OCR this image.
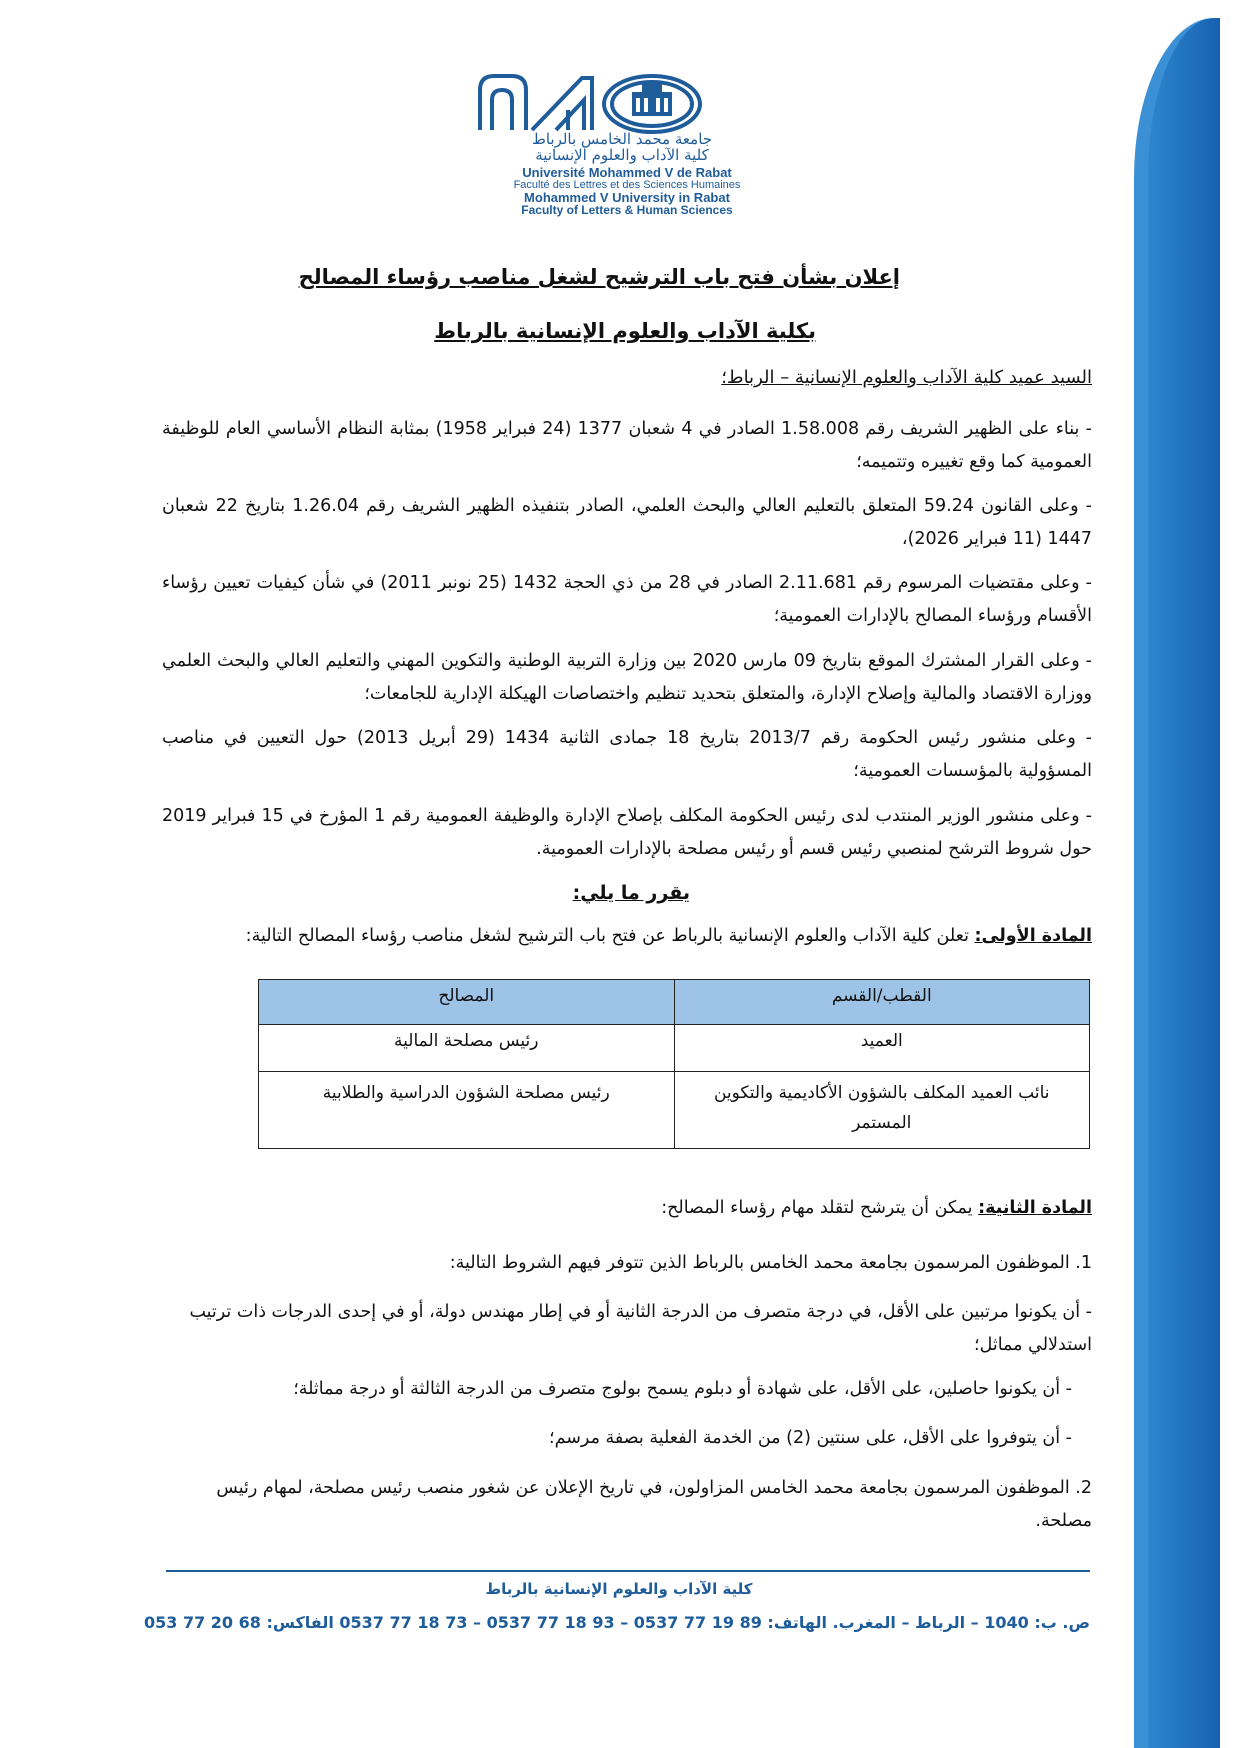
جامعة محمد الخامس بالرباط
كلية الآداب والعلوم الإنسانية
Université Mohammed V de Rabat
Faculté des Lettres et des Sciences Humaines
Mohammed V University in Rabat
Faculty of Letters & Human Sciences
إعلان بشأن فتح باب الترشيح لشغل مناصب رؤساء المصالح
بكلية الآداب والعلوم الإنسانية بالرباط
السيد عميد كلية الآداب والعلوم الإنسانية – الرباط؛
- بناء على الظهير الشريف رقم 1.58.008 الصادر في 4 شعبان 1377 (24 فبراير 1958) بمثابة النظام الأساسي العام للوظيفة العمومية كما وقع تغييره وتتميمه؛
- وعلى القانون 59.24 المتعلق بالتعليم العالي والبحث العلمي، الصادر بتنفيذه الظهير الشريف رقم 1.26.04 بتاريخ 22 شعبان 1447 (11 فبراير 2026)،
- وعلى مقتضيات المرسوم رقم 2.11.681 الصادر في 28 من ذي الحجة 1432 (25 نونبر 2011) في شأن كيفيات تعيين رؤساء الأقسام ورؤساء المصالح بالإدارات العمومية؛
- وعلى القرار المشترك الموقع بتاريخ 09 مارس 2020 بين وزارة التربية الوطنية والتكوين المهني والتعليم العالي والبحث العلمي ووزارة الاقتصاد والمالية وإصلاح الإدارة، والمتعلق بتحديد تنظيم واختصاصات الهيكلة الإدارية للجامعات؛
- وعلى منشور رئيس الحكومة رقم 2013/7 بتاريخ 18 جمادى الثانية 1434 (29 أبريل 2013) حول التعيين في مناصب المسؤولية بالمؤسسات العمومية؛
- وعلى منشور الوزير المنتدب لدى رئيس الحكومة المكلف بإصلاح الإدارة والوظيفة العمومية رقم 1 المؤرخ في 15 فبراير 2019 حول شروط الترشح لمنصبي رئيس قسم أو رئيس مصلحة بالإدارات العمومية.
يقرر ما يلي:
المادة الأولى: تعلن كلية الآداب والعلوم الإنسانية بالرباط عن فتح باب الترشيح لشغل مناصب رؤساء المصالح التالية:
القطب/القسم	المصالح
العميد	رئيس مصلحة المالية
نائب العميد المكلف بالشؤون الأكاديمية والتكوين المستمر	رئيس مصلحة الشؤون الدراسية والطلابية
المادة الثانية: يمكن أن يترشح لتقلد مهام رؤساء المصالح:
1. الموظفون المرسمون بجامعة محمد الخامس بالرباط الذين تتوفر فيهم الشروط التالية:
- أن يكونوا مرتبين على الأقل، في درجة متصرف من الدرجة الثانية أو في إطار مهندس دولة، أو في إحدى الدرجات ذات ترتيب استدلالي مماثل؛
- أن يكونوا حاصلين، على الأقل، على شهادة أو دبلوم يسمح بولوج متصرف من الدرجة الثالثة أو درجة مماثلة؛
- أن يتوفروا على الأقل، على سنتين (2) من الخدمة الفعلية بصفة مرسم؛
2. الموظفون المرسمون بجامعة محمد الخامس المزاولون، في تاريخ الإعلان عن شغور منصب رئيس مصلحة، لمهام رئيس مصلحة.
كلية الآداب والعلوم الإنسانية بالرباط
ص. ب: 1040 – الرباط – المغرب. الهاتف: 89 19 77 0537 – 93 18 77 0537 – 73 18 77 0537 الفاكس: 68 20 77 053
